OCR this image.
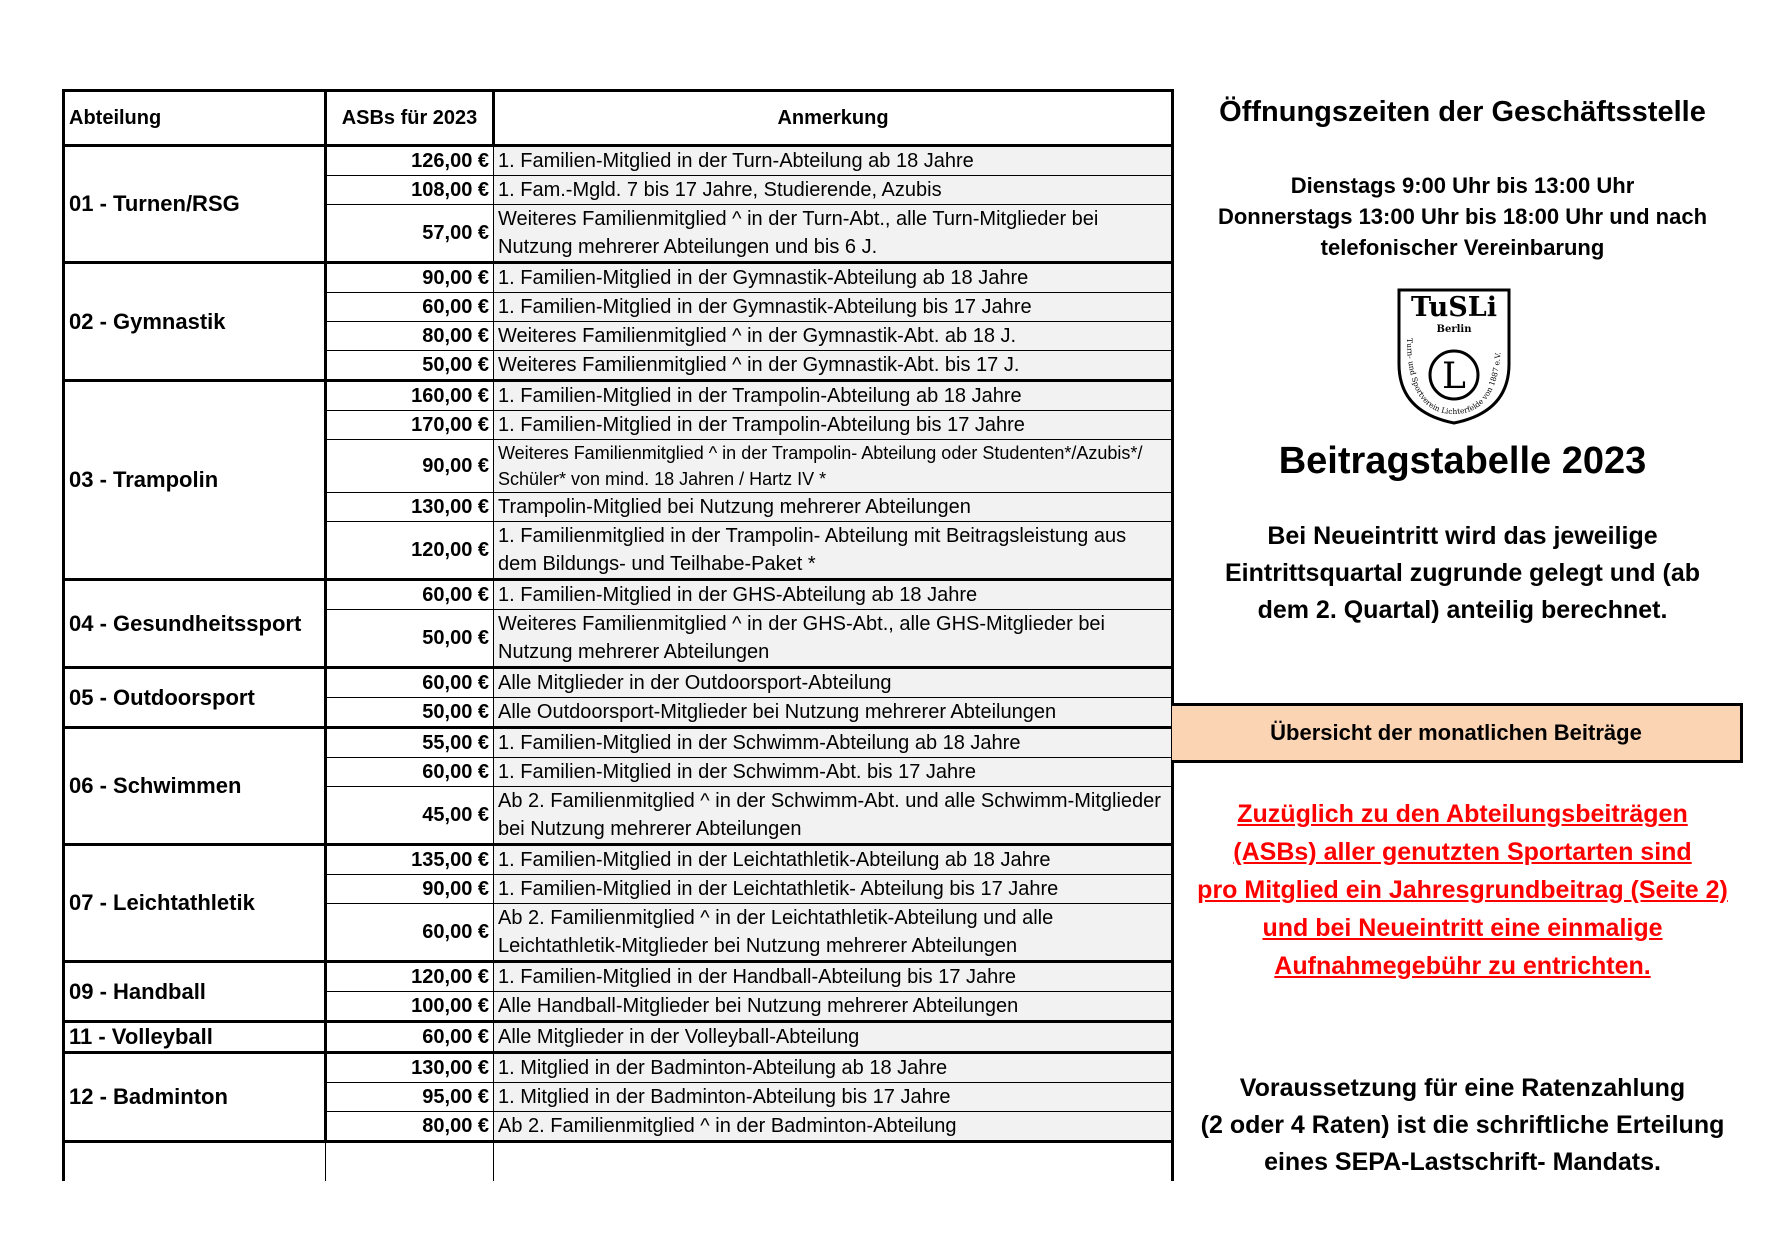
Abteilung	ASBs für 2023	Anmerkung
01 - Turnen/RSG	126,00 €	1. Familien-Mitglied in der Turn-Abteilung ab 18 Jahre
	108,00 €	1. Fam.-Mgld. 7 bis 17 Jahre, Studierende, Azubis
	57,00 €	Weiteres Familienmitglied ^ in der Turn-Abt., alle Turn-Mitglieder bei Nutzung mehrerer Abteilungen und bis 6 J.
02 - Gymnastik	90,00 €	1. Familien-Mitglied in der Gymnastik-Abteilung ab 18 Jahre
	60,00 €	1. Familien-Mitglied in der Gymnastik-Abteilung bis 17 Jahre
	80,00 €	Weiteres Familienmitglied ^ in der Gymnastik-Abt. ab 18 J.
	50,00 €	Weiteres Familienmitglied ^ in der Gymnastik-Abt. bis 17 J.
03 - Trampolin	160,00 €	1. Familien-Mitglied in der Trampolin-Abteilung ab 18 Jahre
	170,00 €	1. Familien-Mitglied in der Trampolin-Abteilung bis 17 Jahre
	90,00 €	Weiteres Familienmitglied ^ in der Trampolin- Abteilung oder Studenten*/Azubis*/ Schüler* von mind. 18 Jahren / Hartz IV *
	130,00 €	Trampolin-Mitglied bei Nutzung mehrerer Abteilungen
	120,00 €	1. Familienmitglied in der Trampolin- Abteilung mit Beitragsleistung aus dem Bildungs- und Teilhabe-Paket *
04 - Gesundheitssport	60,00 €	1. Familien-Mitglied in der GHS-Abteilung ab 18 Jahre
	50,00 €	Weiteres Familienmitglied ^ in der GHS-Abt., alle GHS-Mitglieder bei Nutzung mehrerer Abteilungen
05 - Outdoorsport	60,00 €	Alle Mitglieder in der Outdoorsport-Abteilung
	50,00 €	Alle Outdoorsport-Mitglieder bei Nutzung mehrerer Abteilungen
06 - Schwimmen	55,00 €	1. Familien-Mitglied in der Schwimm-Abteilung ab 18 Jahre
	60,00 €	1. Familien-Mitglied in der Schwimm-Abt. bis 17 Jahre
	45,00 €	Ab 2. Familienmitglied ^ in der Schwimm-Abt. und alle Schwimm-Mitglieder bei Nutzung mehrerer Abteilungen
07 - Leichtathletik	135,00 €	1. Familien-Mitglied in der Leichtathletik-Abteilung ab 18 Jahre
	90,00 €	1. Familien-Mitglied in der Leichtathletik- Abteilung bis 17 Jahre
	60,00 €	Ab 2. Familienmitglied ^ in der Leichtathletik-Abteilung und alle Leichtathletik-Mitglieder bei Nutzung mehrerer Abteilungen
09 - Handball	120,00 €	1. Familien-Mitglied in der Handball-Abteilung bis 17 Jahre
	100,00 €	Alle Handball-Mitglieder bei Nutzung mehrerer Abteilungen
11 - Volleyball	60,00 €	Alle Mitglieder in der Volleyball-Abteilung
12 - Badminton	130,00 €	1. Mitglied in der Badminton-Abteilung ab 18 Jahre
	95,00 €	1. Mitglied in der Badminton-Abteilung bis 17 Jahre
	80,00 €	Ab 2. Familienmitglied ^ in der Badminton-Abteilung

Öffnungszeiten der Geschäftsstelle
Dienstags 9:00 Uhr bis 13:00 Uhr
Donnerstags 13:00 Uhr bis 18:00 Uhr und nach
telefonischer Vereinbarung
TuSLi
Berlin
L
Turn- und Sportverein Lichterfelde von 1887 e.V.
Beitragstabelle 2023
Bei Neueintritt wird das jeweilige
Eintrittsquartal zugrunde gelegt und (ab
dem 2. Quartal) anteilig berechnet.
Übersicht der monatlichen Beiträge
Zuzüglich zu den Abteilungsbeiträgen
(ASBs) aller genutzten Sportarten sind
pro Mitglied ein Jahresgrundbeitrag (Seite 2)
und bei Neueintritt eine einmalige
Aufnahmegebühr zu entrichten.
Voraussetzung für eine Ratenzahlung
(2 oder 4 Raten) ist die schriftliche Erteilung
eines SEPA-Lastschrift- Mandats.
